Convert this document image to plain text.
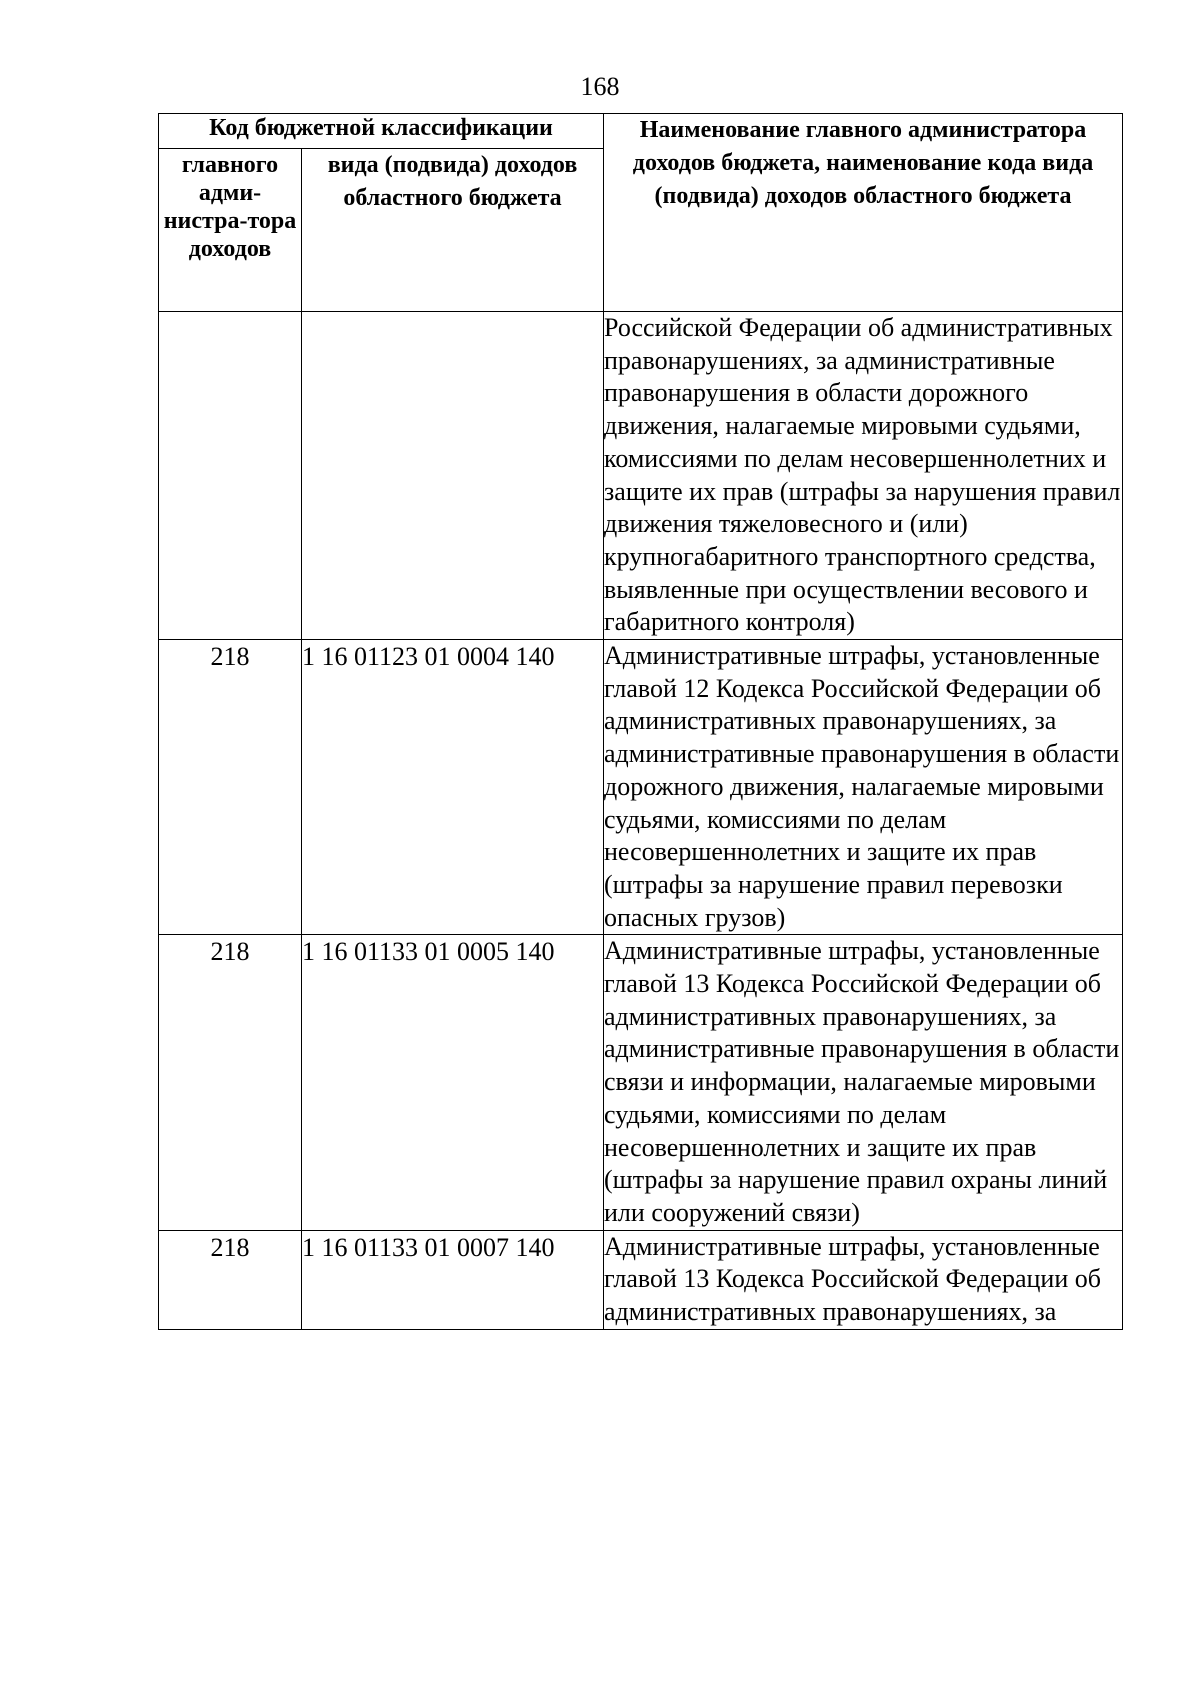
168
Код бюджетной классификации		Наименование главного администратора доходов бюджета, наименование кода вида (подвида) доходов областного бюджета
главного адми-нистра-тора доходов	вида (подвида) доходов областного бюджета	
		Российской Федерации об административных правонарушениях, за административные правонарушения в области дорожного движения, налагаемые мировыми судьями, комиссиями по делам несовершеннолетних и защите их прав (штрафы за нарушения правил движения тяжеловесного и (или) крупногабаритного транспортного средства, выявленные при осуществлении весового и габаритного контроля)
218	1 16 01123 01 0004 140	Административные штрафы, установленные главой 12 Кодекса Российской Федерации об административных правонарушениях, за административные правонарушения в области дорожного движения, налагаемые мировыми судьями, комиссиями по делам несовершеннолетних и защите их прав (штрафы за нарушение правил перевозки опасных грузов)
218	1 16 01133 01 0005 140	Административные штрафы, установленные главой 13 Кодекса Российской Федерации об административных правонарушениях, за административные правонарушения в области связи и информации, налагаемые мировыми судьями, комиссиями по делам несовершеннолетних и защите их прав (штрафы за нарушение правил охраны линий или сооружений связи)
218	1 16 01133 01 0007 140	Административные штрафы, установленные главой 13 Кодекса Российской Федерации об административных правонарушениях, за
